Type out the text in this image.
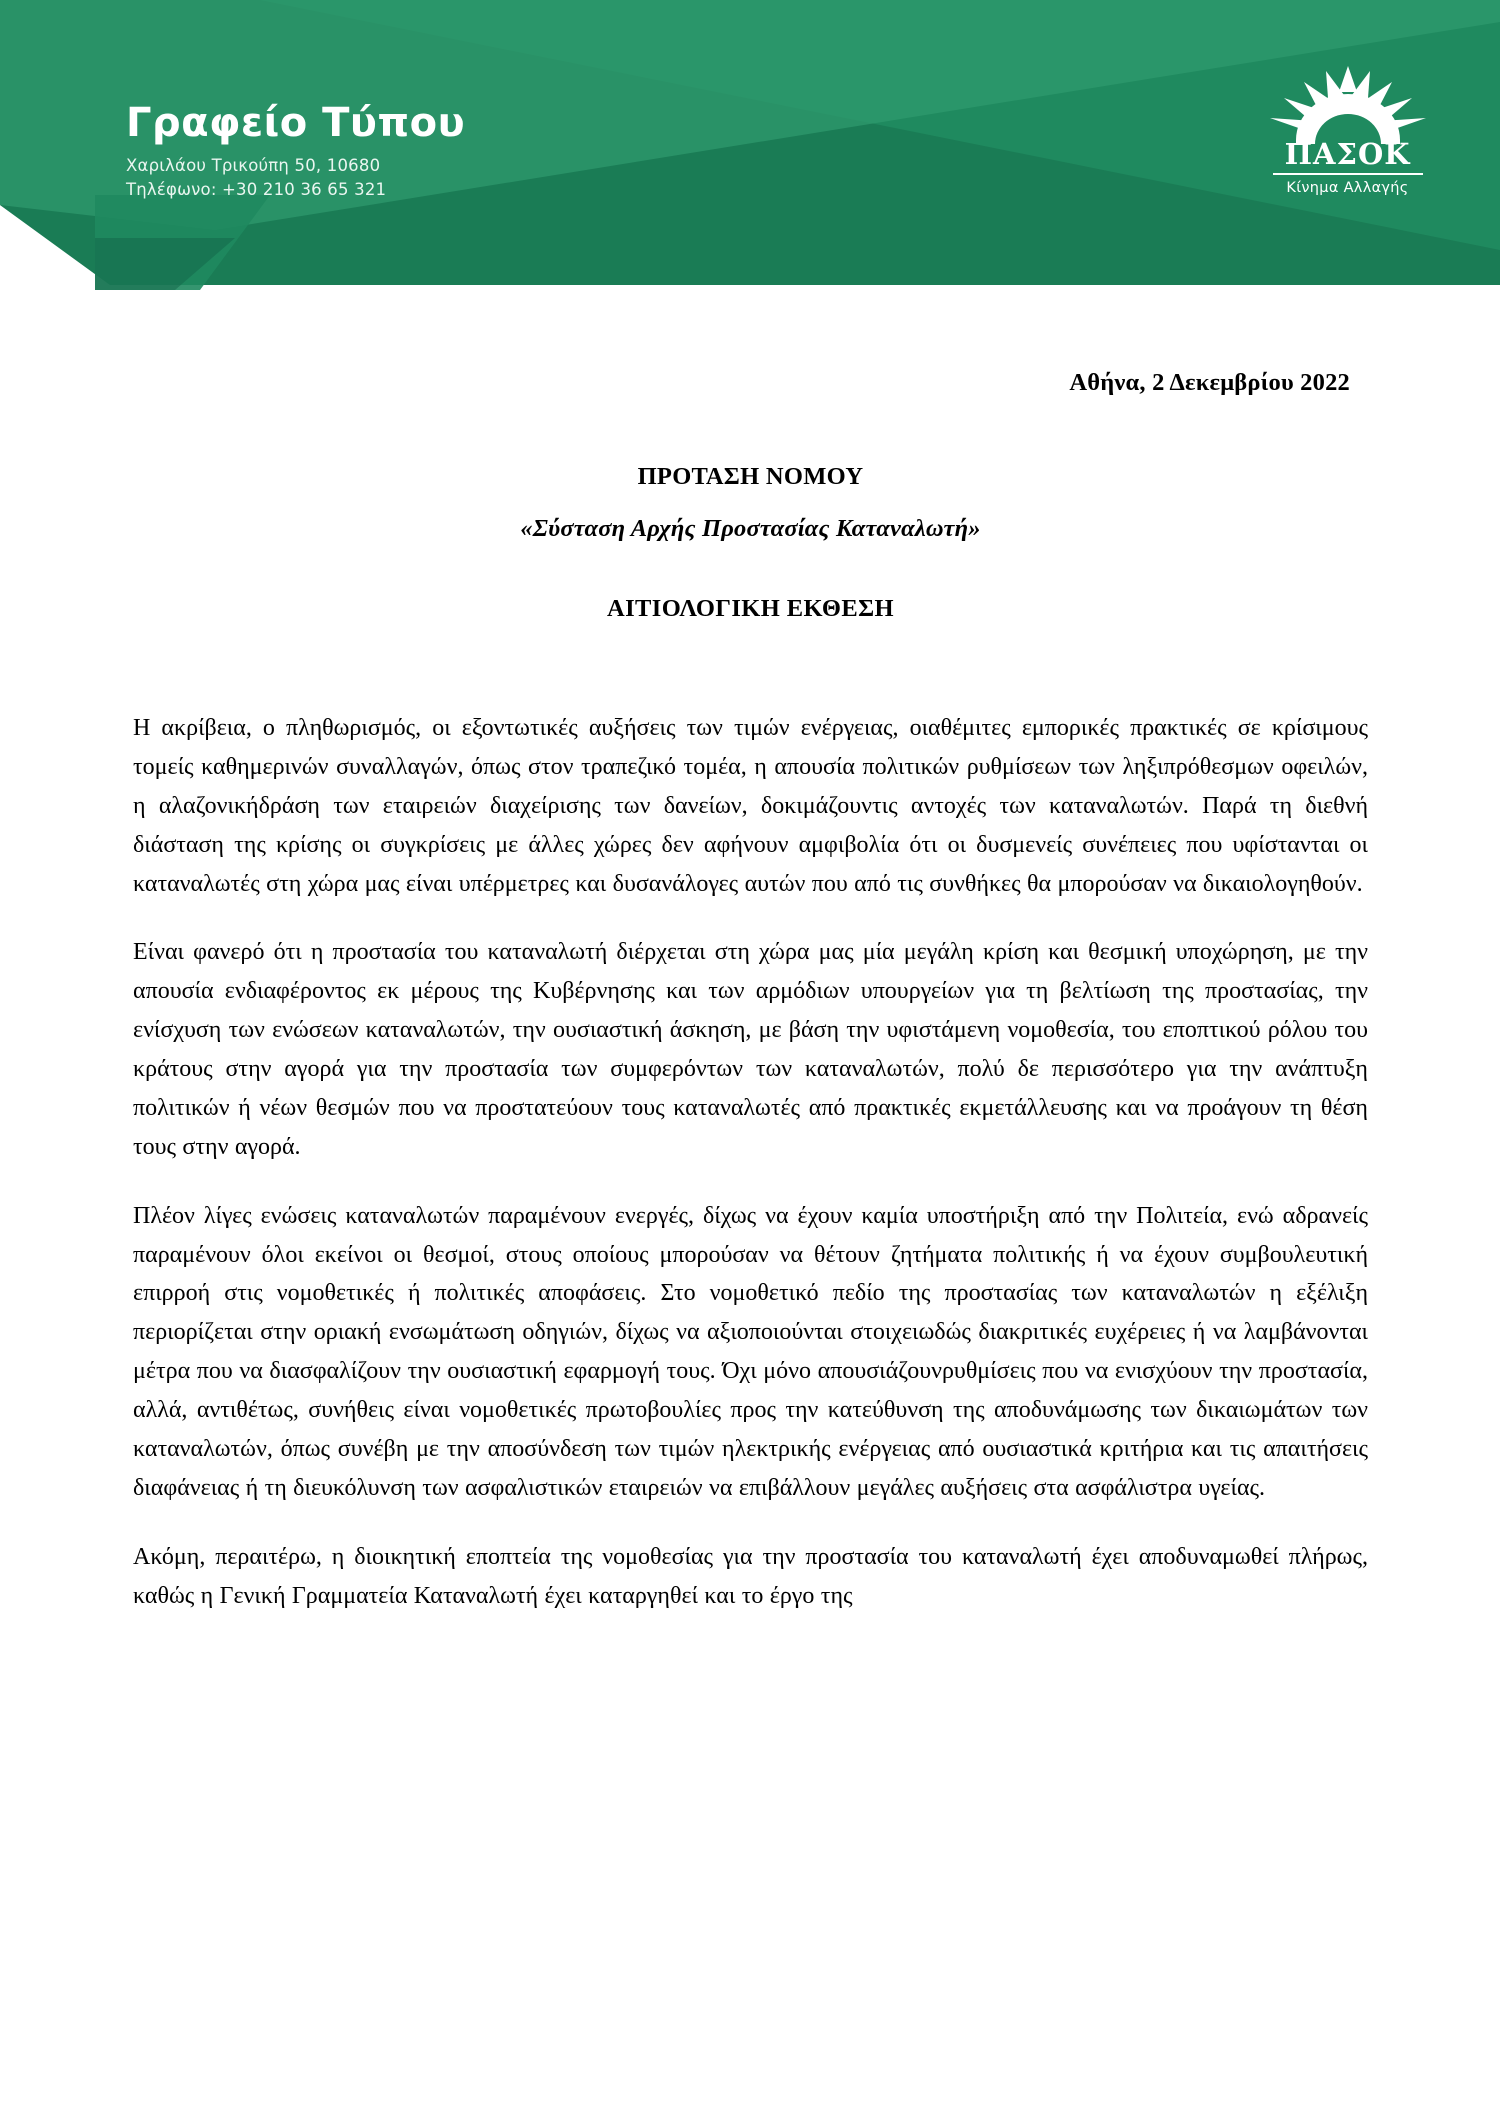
Γραφείο Τύπου
Χαριλάου Τρικούπη 50, 10680
Τηλέφωνο: +30 210 36 65 321
ΠΑΣΟΚ
Κίνημα Αλλαγής
Αθήνα, 2 Δεκεμβρίου 2022
ΠΡΟΤΑΣΗ ΝΟΜΟΥ
«Σύσταση Αρχής Προστασίας Καταναλωτή»
ΑΙΤΙΟΛΟΓΙΚΗ ΕΚΘΕΣΗ

Η ακρίβεια, ο πληθωρισμός, οι εξοντωτικές αυξήσεις των τιμών ενέργειας, οιαθέμιτες εμπορικές πρακτικές σε κρίσιμους τομείς καθημερινών συναλλαγών, όπως στον τραπεζικό τομέα, η απουσία πολιτικών ρυθμίσεων των ληξιπρόθεσμων οφειλών, η αλαζονικήδράση των εταιρειών διαχείρισης των δανείων, δοκιμάζουντις αντοχές των καταναλωτών. Παρά τη διεθνή διάσταση της κρίσης οι συγκρίσεις με άλλες χώρες δεν αφήνουν αμφιβολία ότι οι δυσμενείς συνέπειες που υφίστανται οι καταναλωτές στη χώρα μας είναι υπέρμετρες και δυσανάλογες αυτών που από τις συνθήκες θα μπορούσαν να δικαιολογηθούν.

Είναι φανερό ότι η προστασία του καταναλωτή διέρχεται στη χώρα μας μία μεγάλη κρίση και θεσμική υποχώρηση, με την απουσία ενδιαφέροντος εκ μέρους της Κυβέρνησης και των αρμόδιων υπουργείων για τη βελτίωση της προστασίας, την ενίσχυση των ενώσεων καταναλωτών, την ουσιαστική άσκηση, με βάση την υφιστάμενη νομοθεσία, του εποπτικού ρόλου του κράτους στην αγορά για την προστασία των συμφερόντων των καταναλωτών, πολύ δε περισσότερο για την ανάπτυξη πολιτικών ή νέων θεσμών που να προστατεύουν τους καταναλωτές από πρακτικές εκμετάλλευσης και να προάγουν τη θέση τους στην αγορά.

Πλέον λίγες ενώσεις καταναλωτών παραμένουν ενεργές, δίχως να έχουν καμία υποστήριξη από την Πολιτεία, ενώ αδρανείς παραμένουν όλοι εκείνοι οι θεσμοί, στους οποίους μπορούσαν να θέτουν ζητήματα πολιτικής ή να έχουν συμβουλευτική επιρροή στις νομοθετικές ή πολιτικές αποφάσεις. Στο νομοθετικό πεδίο της προστασίας των καταναλωτών η εξέλιξη περιορίζεται στην οριακή ενσωμάτωση οδηγιών, δίχως να αξιοποιούνται στοιχειωδώς διακριτικές ευχέρειες ή να λαμβάνονται μέτρα που να διασφαλίζουν την ουσιαστική εφαρμογή τους. Όχι μόνο απουσιάζουνρυθμίσεις που να ενισχύουν την προστασία, αλλά, αντιθέτως, συνήθεις είναι νομοθετικές πρωτοβουλίες προς την κατεύθυνση της αποδυνάμωσης των δικαιωμάτων των καταναλωτών, όπως συνέβη με την αποσύνδεση των τιμών ηλεκτρικής ενέργειας από ουσιαστικά κριτήρια και τις απαιτήσεις διαφάνειας ή τη διευκόλυνση των ασφαλιστικών εταιρειών να επιβάλλουν μεγάλες αυξήσεις στα ασφάλιστρα υγείας.

Ακόμη, περαιτέρω, η διοικητική εποπτεία της νομοθεσίας για την προστασία του καταναλωτή έχει αποδυναμωθεί πλήρως, καθώς η Γενική Γραμματεία Καταναλωτή έχει καταργηθεί και το έργο της
